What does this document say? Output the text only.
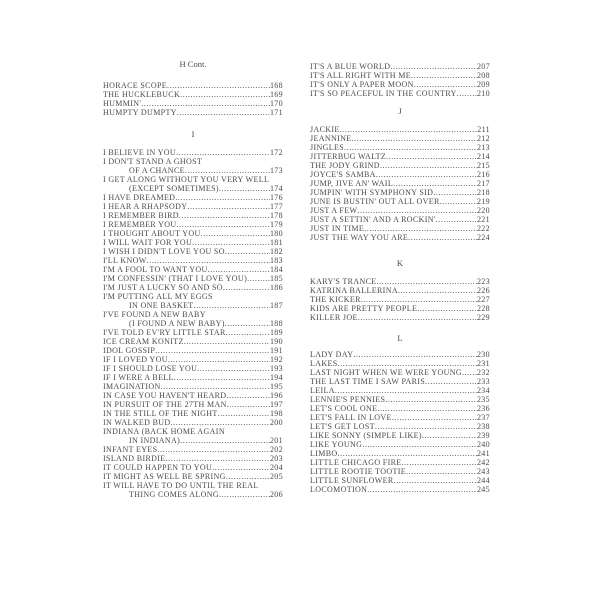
H Cont.
HORACE SCOPE .....	168
THE HUCKLEBUCK .....	169
HUMMIN' .....	170
HUMPTY DUMPTY .....	171
I
I BELIEVE IN YOU .....	172
I DON'T STAND A GHOST
OF A CHANCE .....	173
I GET ALONG WITHOUT YOU VERY WELL
(EXCEPT SOMETIMES) .....	174
I HAVE DREAMED .....	176
I HEAR A RHAPSODY .....	177
I REMEMBER BIRD .....	178
I REMEMBER YOU .....	179
I THOUGHT ABOUT YOU .....	180
I WILL WAIT FOR YOU .....	181
I WISH I DIDN'T LOVE YOU SO .....	182
I'LL KNOW .....	183
I'M A FOOL TO WANT YOU .....	184
I'M CONFESSIN' (THAT I LOVE YOU) .....	185
I'M JUST A LUCKY SO AND SO .....	186
I'M PUTTING ALL MY EGGS
IN ONE BASKET .....	187
I'VE FOUND A NEW BABY
(I FOUND A NEW BABY) .....	188
I'VE TOLD EV'RY LITTLE STAR .....	189
ICE CREAM KONITZ .....	190
IDOL GOSSIP .....	191
IF I LOVED YOU .....	192
IF I SHOULD LOSE YOU .....	193
IF I WERE A BELL .....	194
IMAGINATION .....	195
IN CASE YOU HAVEN'T HEARD .....	196
IN PURSUIT OF THE 27TH MAN .....	197
IN THE STILL OF THE NIGHT .....	198
IN WALKED BUD .....	200
INDIANA (BACK HOME AGAIN
IN INDIANA) .....	201
INFANT EYES .....	202
ISLAND BIRDIE .....	203
IT COULD HAPPEN TO YOU .....	204
IT MIGHT AS WELL BE SPRING .....	205
IT WILL HAVE TO DO UNTIL THE REAL
THING COMES ALONG .....	206
IT'S A BLUE WORLD .....	207
IT'S ALL RIGHT WITH ME .....	208
IT'S ONLY A PAPER MOON .....	209
IT'S SO PEACEFUL IN THE COUNTRY .....	210
J
JACKIE .....	211
JEANNINE .....	212
JINGLES .....	213
JITTERBUG WALTZ .....	214
THE JODY GRIND .....	215
JOYCE'S SAMBA .....	216
JUMP, JIVE AN' WAIL .....	217
JUMPIN' WITH SYMPHONY SID .....	218
JUNE IS BUSTIN' OUT ALL OVER .....	219
JUST A FEW .....	220
JUST A SETTIN' AND A ROCKIN' .....	221
JUST IN TIME .....	222
JUST THE WAY YOU ARE .....	224
K
KARY'S TRANCE .....	223
KATRINA BALLERINA .....	226
THE KICKER .....	227
KIDS ARE PRETTY PEOPLE .....	228
KILLER JOE .....	229
L
LADY DAY .....	230
LAKES .....	231
LAST NIGHT WHEN WE WERE YOUNG ..... 232
THE LAST TIME I SAW PARIS .....	233
LEILA .....	234
LENNIE'S PENNIES .....	235
LET'S COOL ONE .....	236
LET'S FALL IN LOVE .....	237
LET'S GET LOST .....	238
LIKE SONNY (SIMPLE LIKE) .....	239
LIKE YOUNG .....	240
LIMBO .....	241
LITTLE CHICAGO FIRE .....	242
LITTLE ROOTIE TOOTIE .....	243
LITTLE SUNFLOWER .....	244
LOCOMOTION .....	245
